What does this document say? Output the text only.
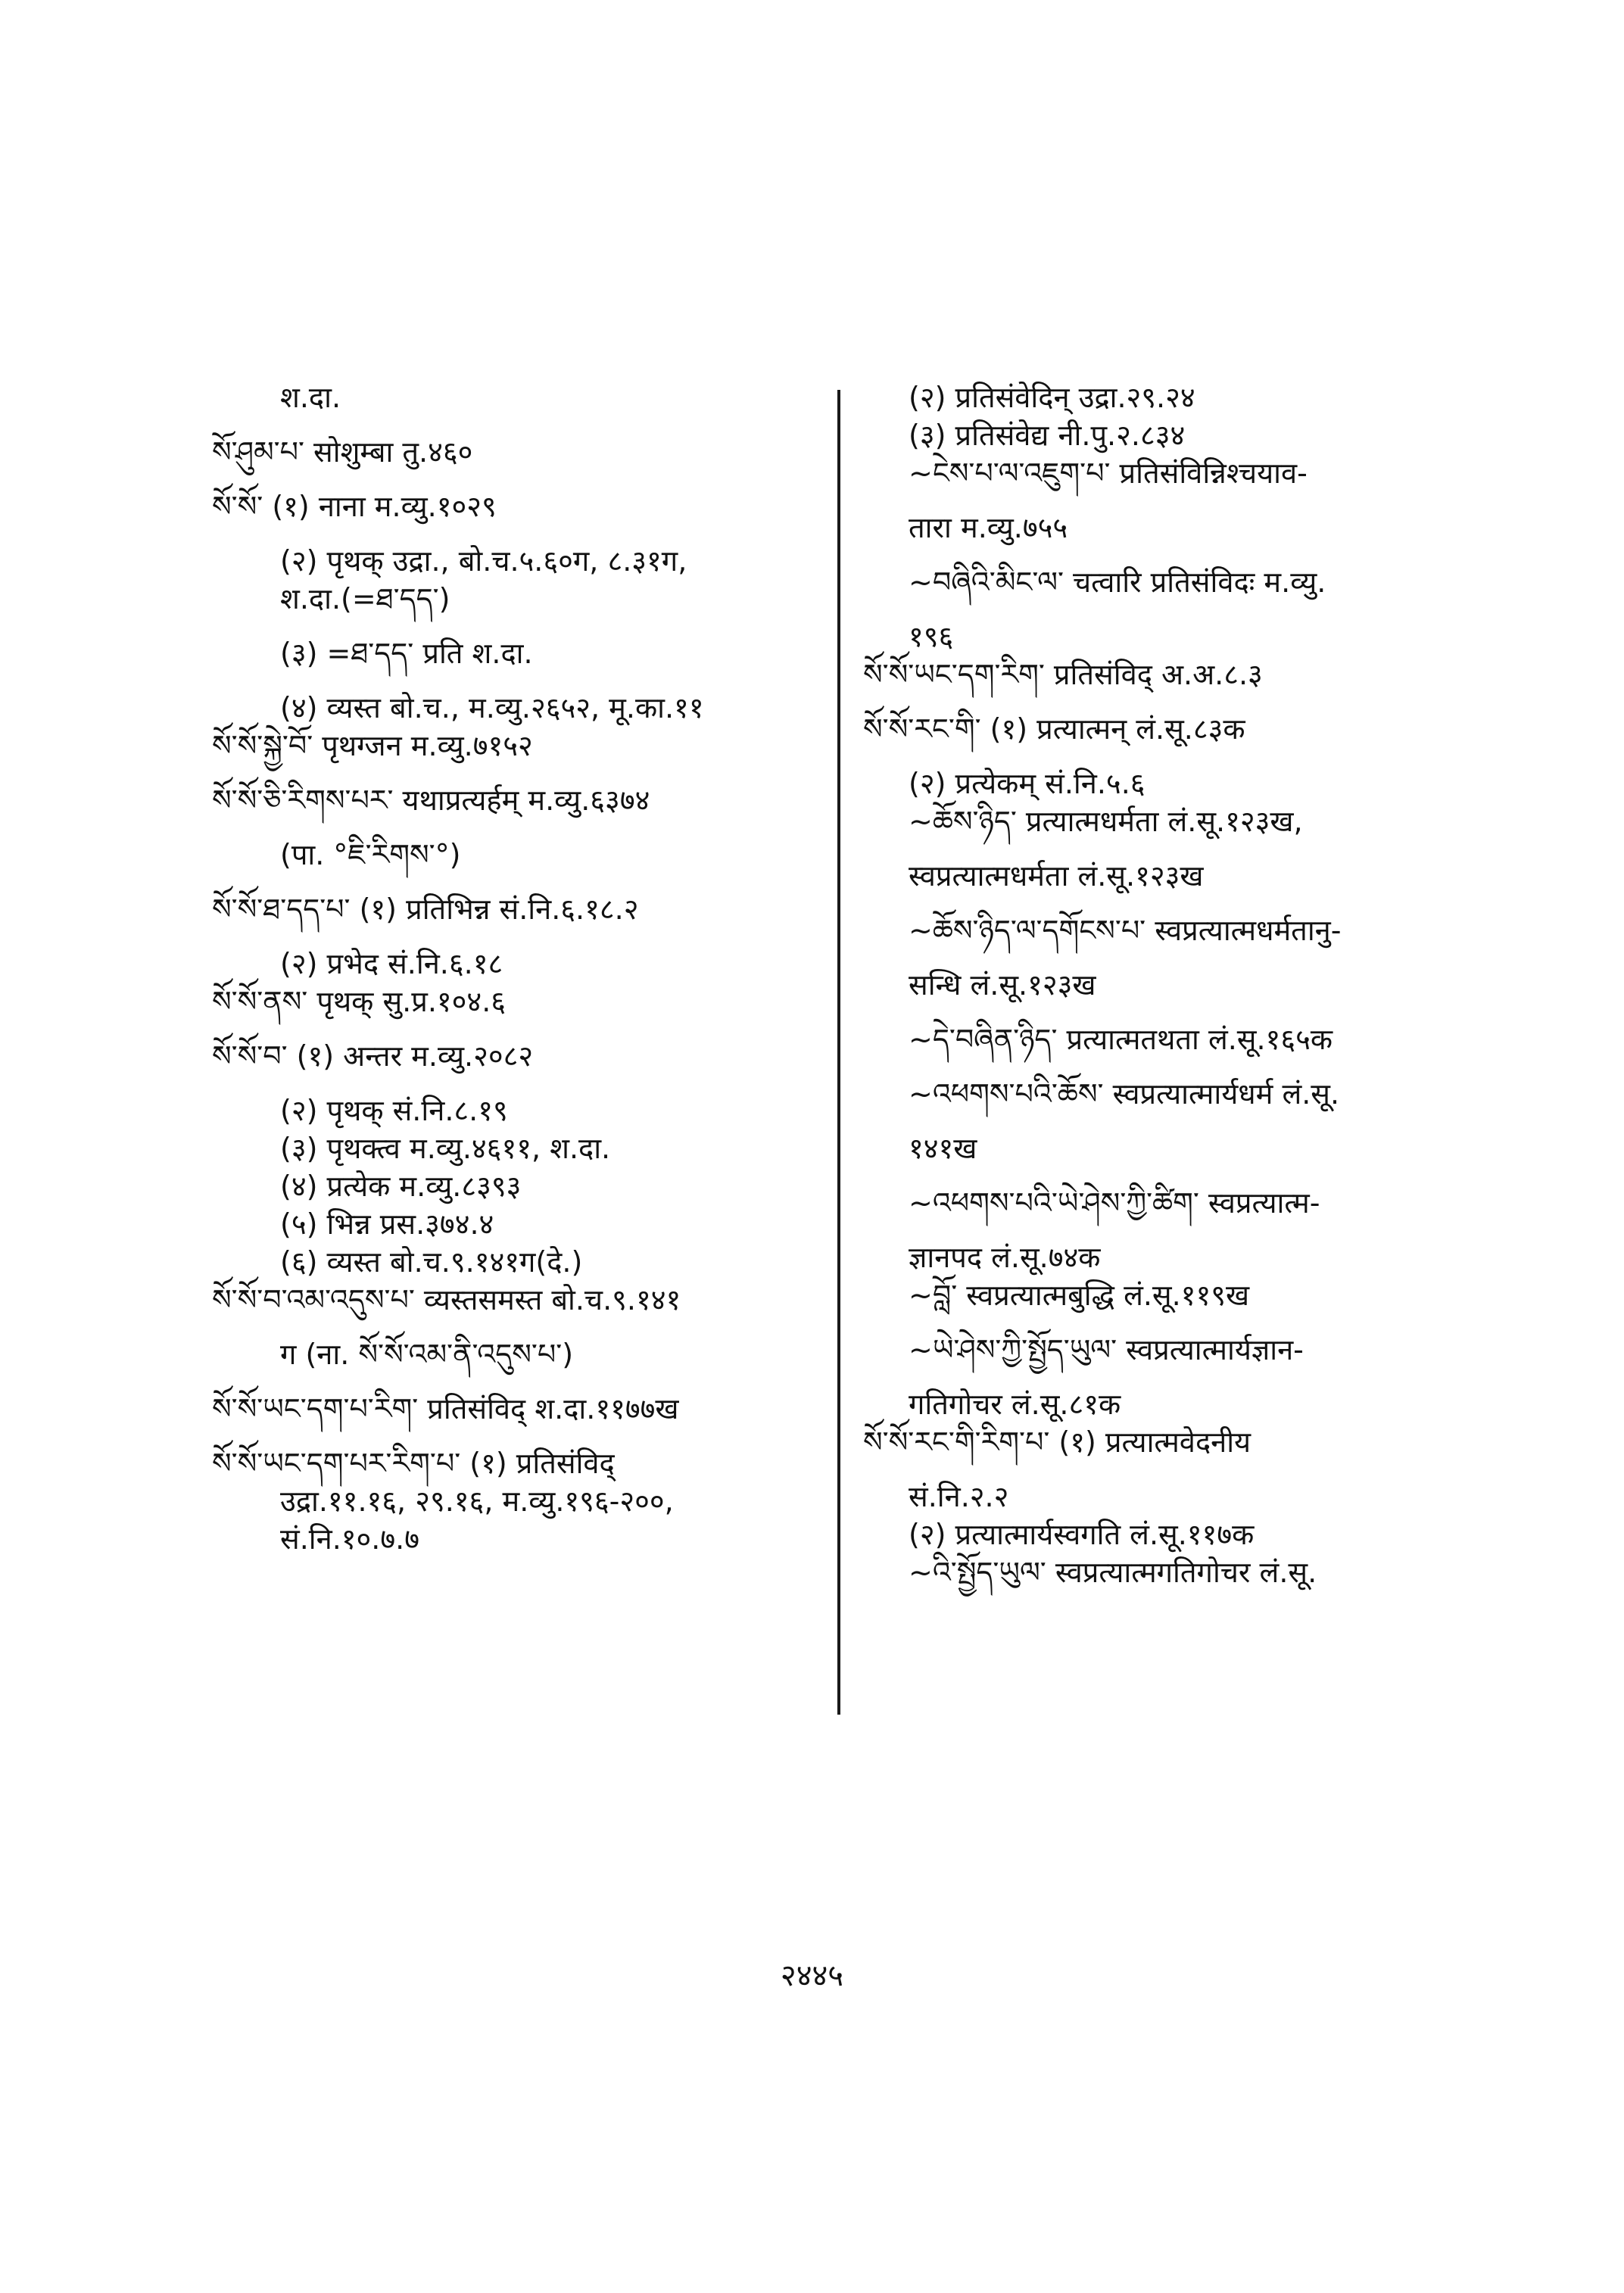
श.दा.
སོ་ཤུམ་པ་ सोशुम्बा तु.४६०
སོ་སོ་ (१) नाना म.व्यु.१०२९
(२) पृथक् उद्रा., बो.च.५.६०ग, ८.३१ग,
श.दा.(=ཐ་དད་)
(३) =ཐ་དད་ प्रति श.दा.
(४) व्यस्त बो.च., म.व्यु.२६५२, मू.का.११
སོ་སོ་སྐྱེ་བོ་ पृथग्जन म.व्यु.७१५२
སོ་སོ་ཅི་རིགས་པར་ यथाप्रत्यर्हम् म.व्यु.६३७४
(पा. °ཇི་རིགས་°)
སོ་སོ་ཐ་དད་པ་ (१) प्रतिभिन्न सं.नि.६.१८.२
(२) प्रभेद सं.नि.६.१८
སོ་སོ་ནས་ पृथक् सु.प्र.१०४.६
སོ་སོ་བ་ (१) अन्तर म.व्यु.२०८२
(२) पृथक् सं.नि.८.१९
(३) पृथक्त्व म.व्यु.४६११, श.दा.
(४) प्रत्येक म.व्यु.८३९३
(५) भिन्न प्रस.३७४.४
(६) व्यस्त बो.च.९.१४१ग(दे.)
སོ་སོ་བ་འམ་འདུས་པ་ व्यस्तसमस्त बो.च.९.१४१
ग (ना. སོ་སོ་འམ་ནི་འདུས་པ་)
སོ་སོ་ཡང་དག་པ་རིག་ प्रतिसंविद् श.दा.११७७ख
སོ་སོ་ཡང་དག་པར་རིག་པ་ (१) प्रतिसंविद्
उद्रा.११.१६, २९.१६, म.व्यु.१९६-२००,
सं.नि.१०.७.७
(२) प्रतिसंवेदिन् उद्रा.२९.२४
(३) प्रतिसंवेद्य नी.पु.२.८३४
~ངེས་པ་ལ་འཇུག་པ་ प्रतिसंविन्निश्चयाव-
तारा म.व्यु.७५५
~བཞིའི་མིང་ལ་ चत्वारि प्रतिसंविदः म.व्यु.
१९६
སོ་སོ་ཡང་དག་རིག་ प्रतिसंविद् अ.अ.८.३
སོ་སོ་རང་གི་ (१) प्रत्यात्मन् लं.सू.८३क
(२) प्रत्येकम् सं.नि.५.६
~ཆོས་ཉིད་ प्रत्यात्मधर्मता लं.सू.१२३ख,
स्वप्रत्यात्मधर्मता लं.सू.१२३ख
~ཆོས་ཉིད་ལ་དགོངས་པ་ स्वप्रत्यात्मधर्मतानु-
सन्धि लं.सू.१२३ख
~དེ་བཞིན་ཉིད་ प्रत्यात्मतथता लं.सू.१६५क
~འཕགས་པའི་ཆོས་ स्वप्रत्यात्मार्यधर्म लं.सू.
१४१ख
~འཕགས་པའི་ཡེ་ཤེས་ཀྱི་ཚིག་ स्वप्रत्यात्म-
ज्ञानपद लं.सू.७४क
~བློ་ स्वप्रत्यात्मबुद्धि लं.सू.११९ख
~ཡེ་ཤེས་ཀྱི་སྤྱོད་ཡུལ་ स्वप्रत्यात्मार्यज्ञान-
गतिगोचर लं.सू.८१क
སོ་སོ་རང་གི་རིག་པ་ (१) प्रत्यात्मवेदनीय
सं.नि.२.२
(२) प्रत्यात्मार्यस्वगति लं.सू.११७क
~འི་སྤྱོད་ཡུལ་ स्वप्रत्यात्मगतिगोचर लं.सू.
२४४५
